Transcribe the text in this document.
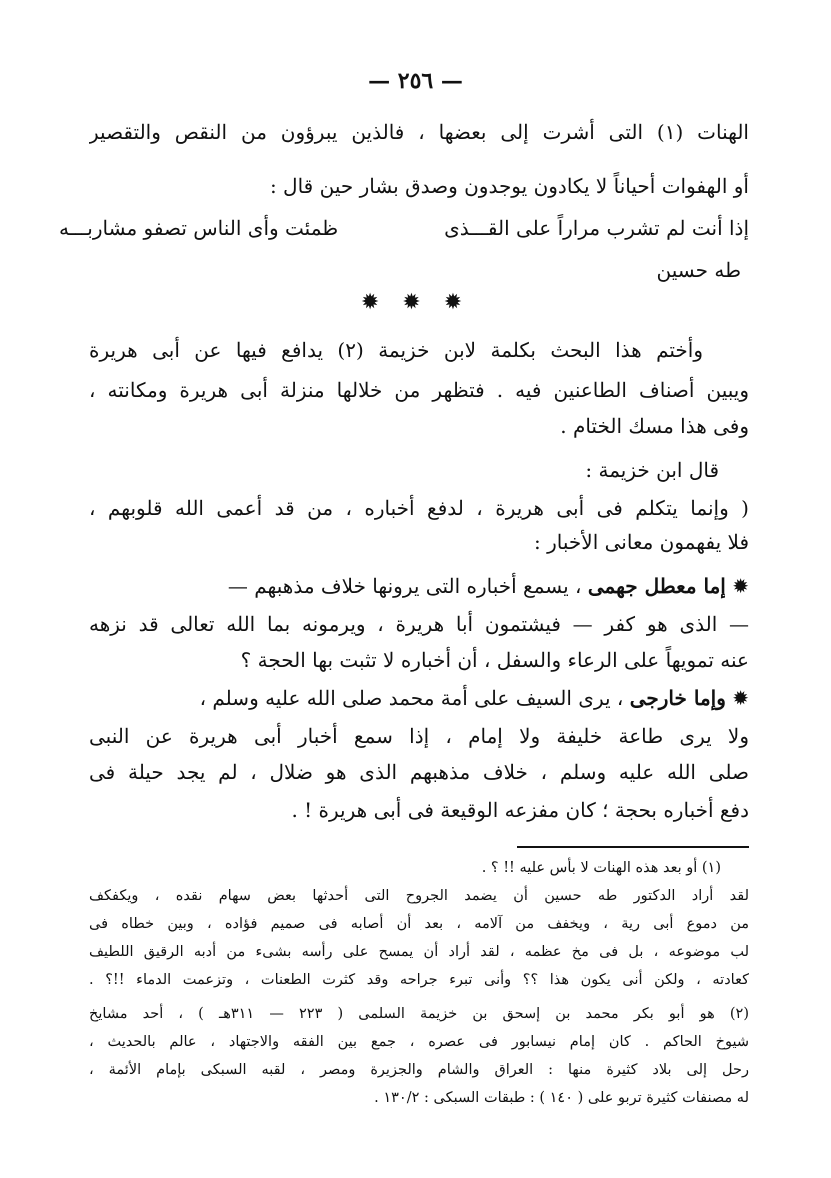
— ٢٥٦ —
الهنات (١) التى أشرت إلى بعضها ، فالذين يبرؤون من النقص والتقصير
أو الهفوات أحياناً لا يكادون يوجدون وصدق بشار حين قال :
إذا أنت لم تشرب مراراً على القـــذى
ظمئت وأى الناس تصفو مشاربـــه
طه حسين
✹ ✹ ✹
وأختم هذا البحث بكلمة لابن خزيمة (٢) يدافع فيها عن أبى هريرة
ويبين أصناف الطاعنين فيه . فتظهر من خلالها منزلة أبى هريرة ومكانته ،
وفى هذا مسك الختام .
قال ابن خزيمة :
( وإنما يتكلم فى أبى هريرة ، لدفع أخباره ، من قد أعمى الله قلوبهم ،
فلا يفهمون معانى الأخبار :
✹ إما معطل جهمى ، يسمع أخباره التى يرونها خلاف مذهبهم —
— الذى هو كفر — فيشتمون أبا هريرة ، ويرمونه بما الله تعالى قد نزهه
عنه تمويهاً على الرعاء والسفل ، أن أخباره لا تثبت بها الحجة ؟
✹ وإما خارجى ، يرى السيف على أمة محمد صلى الله عليه وسلم ،
ولا يرى طاعة خليفة ولا إمام ، إذا سمع أخبار أبى هريرة عن النبى
صلى الله عليه وسلم ، خلاف مذهبهم الذى هو ضلال ، لم يجد حيلة فى
دفع أخباره بحجة ؛ كان مفزعه الوقيعة فى أبى هريرة ! .
(١) أو بعد هذه الهنات لا بأس عليه !! ؟ .
لقد أراد الدكتور طه حسين أن يضمد الجروح التى أحدثها بعض سهام نقده ، ويكفكف
من دموع أبى رية ، ويخفف من آلامه ، بعد أن أصابه فى صميم فؤاده ، وبين خطاه فى
لب موضوعه ، بل فى مخ عظمه ، لقد أراد أن يمسح على رأسه بشىء من أدبه الرقيق اللطيف
كعادته ، ولكن أنى يكون هذا ؟؟ وأنى تبرء جراحه وقد كثرت الطعنات ، وتزعمت الدماء !!؟ .
(٢) هو أبو بكر محمد بن إسحق بن خزيمة السلمى ( ٢٢٣ — ٣١١هـ ) ، أحد مشايخ
شيوخ الحاكم . كان إمام نيسابور فى عصره ، جمع بين الفقه والاجتهاد ، عالم بالحديث ،
رحل إلى بلاد كثيرة منها : العراق والشام والجزيرة ومصر ، لقبه السبكى بإمام الأئمة ،
له مصنفات كثيرة تربو على ( ١٤٠ ) : طبقات السبكى : ١٣٠/٢ .
